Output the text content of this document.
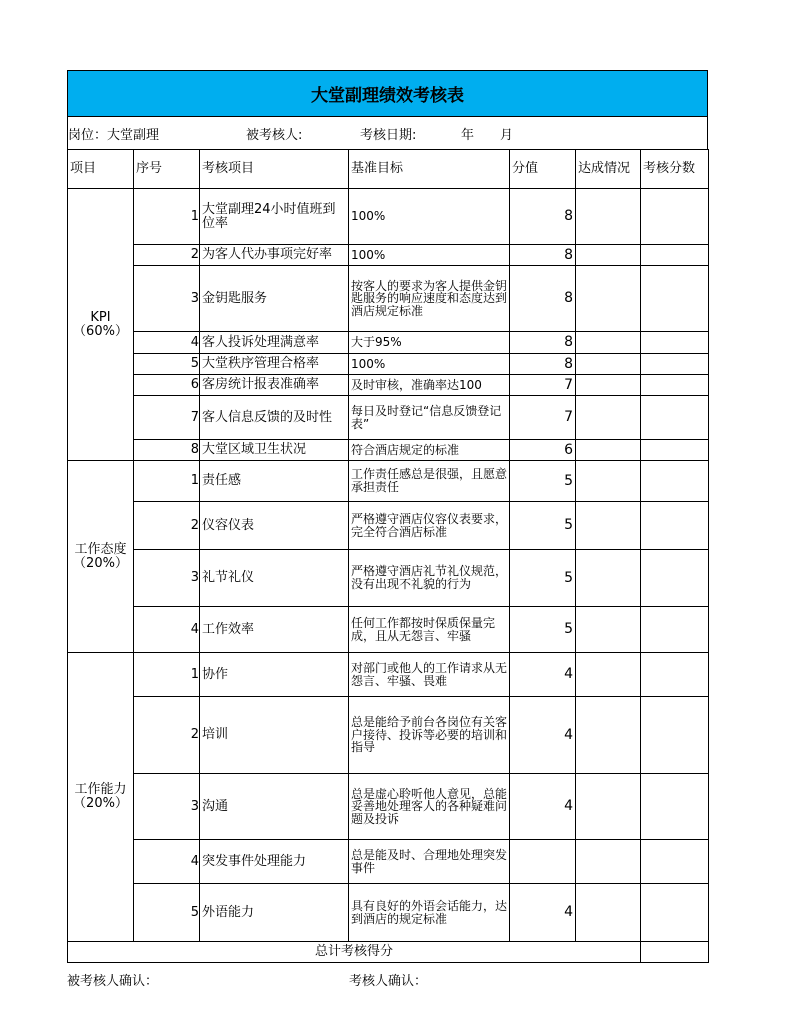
大堂副理绩效考核表
岗位：大堂副理	被考核人:	考核日期:	年 月
项目	序号	考核项目	基准目标	分值	达成情况	考核分数
KPI（60%）	1	大堂副理24小时值班到位率	100%	8		
	2	为客人代办事项完好率	100%	8		
	3	金钥匙服务	按客人的要求为客人提供金钥匙服务的响应速度和态度达到酒店规定标准	8		
	4	客人投诉处理满意率	大于95%	8		
	5	大堂秩序管理合格率	100%	8		
	6	客房统计报表准确率	及时审核，准确率达100	7		
	7	客人信息反馈的及时性	每日及时登记“信息反馈登记表”	7		
	8	大堂区域卫生状况	符合酒店规定的标准	6		
工作态度（20%）	1	责任感	工作责任感总是很强，且愿意承担责任	5		
	2	仪容仪表	严格遵守酒店仪容仪表要求，完全符合酒店标准	5		
	3	礼节礼仪	严格遵守酒店礼节礼仪规范，没有出现不礼貌的行为	5		
	4	工作效率	任何工作都按时保质保量完成，且从无怨言、牢骚	5		
工作能力（20%）	1	协作	对部门或他人的工作请求从无怨言、牢骚、畏难	4		
	2	培训	总是能给予前台各岗位有关客户接待、投诉等必要的培训和指导	4		
	3	沟通	总是虚心聆听他人意见，总能妥善地处理客人的各种疑难问题及投诉	4		
	4	突发事件处理能力	总是能及时、合理地处理突发事件			
	5	外语能力	具有良好的外语会话能力，达到酒店的规定标准	4		
总计考核得分						
被考核人确认：	考核人确认：
